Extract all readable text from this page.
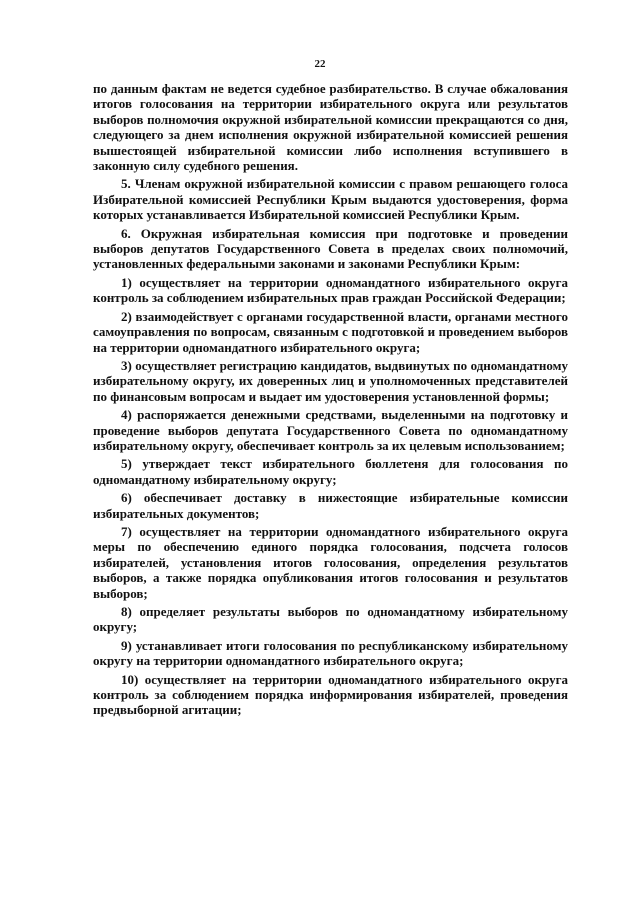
22

по данным фактам не ведется судебное разбирательство. В случае обжалования итогов голосования на территории избирательного округа или результатов выборов полномочия окружной избирательной комиссии прекращаются со дня, следующего за днем исполнения окружной избирательной комиссией решения вышестоящей избирательной комиссии либо исполнения вступившего в законную силу судебного решения.

5. Членам окружной избирательной комиссии с правом решающего голоса Избирательной комиссией Республики Крым выдаются удостоверения, форма которых устанавливается Избирательной комиссией Республики Крым.

6. Окружная избирательная комиссия при подготовке и проведении выборов депутатов Государственного Совета в пределах своих полномочий, установленных федеральными законами и законами Республики Крым:

1) осуществляет на территории одномандатного избирательного округа контроль за соблюдением избирательных прав граждан Российской Федерации;

2) взаимодействует с органами государственной власти, органами местного самоуправления по вопросам, связанным с подготовкой и проведением выборов на территории одномандатного избирательного округа;

3) осуществляет регистрацию кандидатов, выдвинутых по одномандатному избирательному округу, их доверенных лиц и уполномоченных представителей по финансовым вопросам и выдает им удостоверения установленной формы;

4) распоряжается денежными средствами, выделенными на подготовку и проведение выборов депутата Государственного Совета по одномандатному избирательному округу, обеспечивает контроль за их целевым использованием;

5) утверждает текст избирательного бюллетеня для голосования по одномандатному избирательному округу;

6) обеспечивает доставку в нижестоящие избирательные комиссии избирательных документов;

7) осуществляет на территории одномандатного избирательного округа меры по обеспечению единого порядка голосования, подсчета голосов избирателей, установления итогов голосования, определения результатов выборов, а также порядка опубликования итогов голосования и результатов выборов;

8) определяет результаты выборов по одномандатному избирательному округу;

9) устанавливает итоги голосования по республиканскому избирательному округу на территории одномандатного избирательного округа;

10) осуществляет на территории одномандатного избирательного округа контроль за соблюдением порядка информирования избирателей, проведения предвыборной агитации;
